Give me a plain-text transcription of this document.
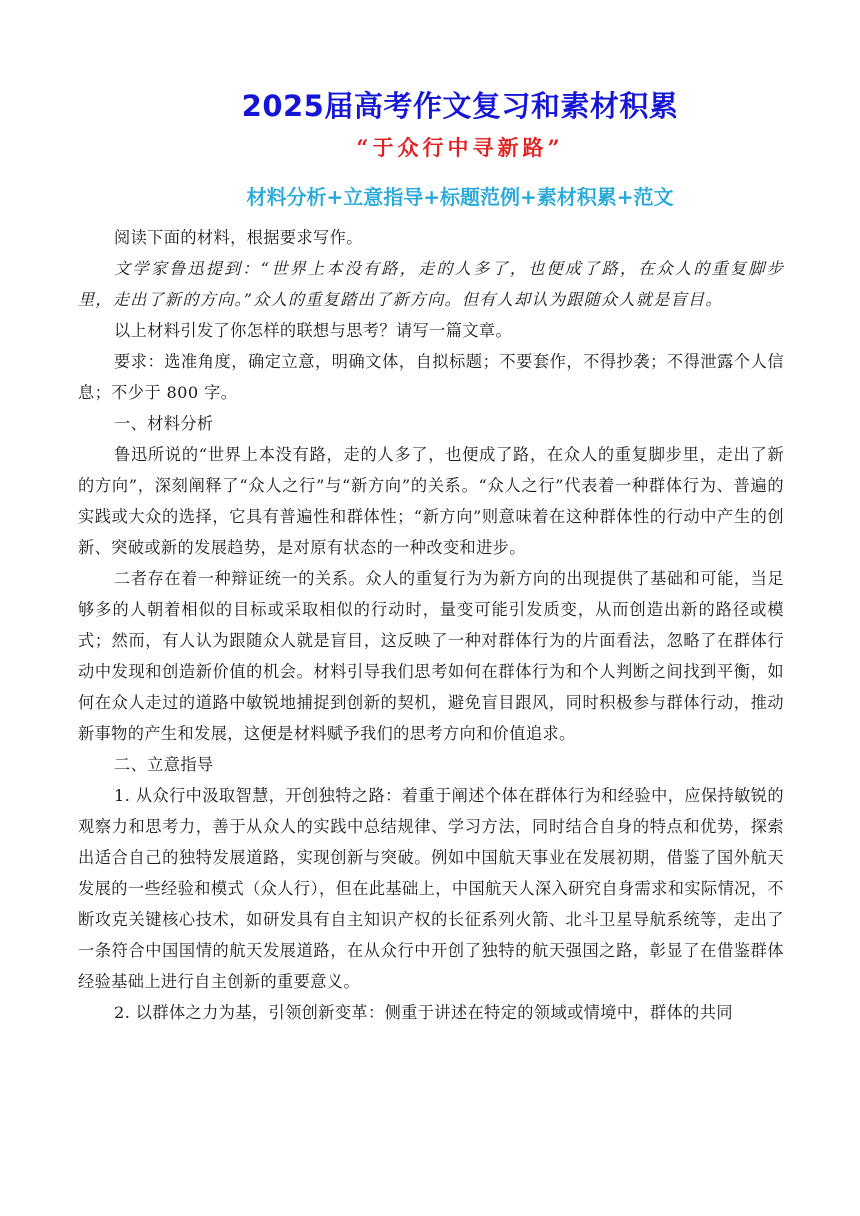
2025届高考作文复习和素材积累
“于众行中寻新路”
材料分析+立意指导+标题范例+素材积累+范文

阅读下面的材料，根据要求写作。

文学家鲁迅提到：“世界上本没有路，走的人多了，也便成了路，在众人的重复脚步里，走出了新的方向。”众人的重复踏出了新方向。但有人却认为跟随众人就是盲目。

以上材料引发了你怎样的联想与思考？请写一篇文章。

要求：选准角度，确定立意，明确文体，自拟标题；不要套作，不得抄袭；不得泄露个人信息；不少于 800 字。

一、材料分析

鲁迅所说的“世界上本没有路，走的人多了，也便成了路，在众人的重复脚步里，走出了新的方向”，深刻阐释了“众人之行”与“新方向”的关系。“众人之行”代表着一种群体行为、普遍的实践或大众的选择，它具有普遍性和群体性；“新方向”则意味着在这种群体性的行动中产生的创新、突破或新的发展趋势，是对原有状态的一种改变和进步。

二者存在着一种辩证统一的关系。众人的重复行为为新方向的出现提供了基础和可能，当足够多的人朝着相似的目标或采取相似的行动时，量变可能引发质变，从而创造出新的路径或模式；然而，有人认为跟随众人就是盲目，这反映了一种对群体行为的片面看法，忽略了在群体行动中发现和创造新价值的机会。材料引导我们思考如何在群体行为和个人判断之间找到平衡，如何在众人走过的道路中敏锐地捕捉到创新的契机，避免盲目跟风，同时积极参与群体行动，推动新事物的产生和发展，这便是材料赋予我们的思考方向和价值追求。

二、立意指导

1. 从众行中汲取智慧，开创独特之路：着重于阐述个体在群体行为和经验中，应保持敏锐的观察力和思考力，善于从众人的实践中总结规律、学习方法，同时结合自身的特点和优势，探索出适合自己的独特发展道路，实现创新与突破。例如中国航天事业在发展初期，借鉴了国外航天发展的一些经验和模式（众人行），但在此基础上，中国航天人深入研究自身需求和实际情况，不断攻克关键核心技术，如研发具有自主知识产权的长征系列火箭、北斗卫星导航系统等，走出了一条符合中国国情的航天发展道路，在从众行中开创了独特的航天强国之路，彰显了在借鉴群体经验基础上进行自主创新的重要意义。

2. 以群体之力为基，引领创新变革：侧重于讲述在特定的领域或情境中，群体的共同
